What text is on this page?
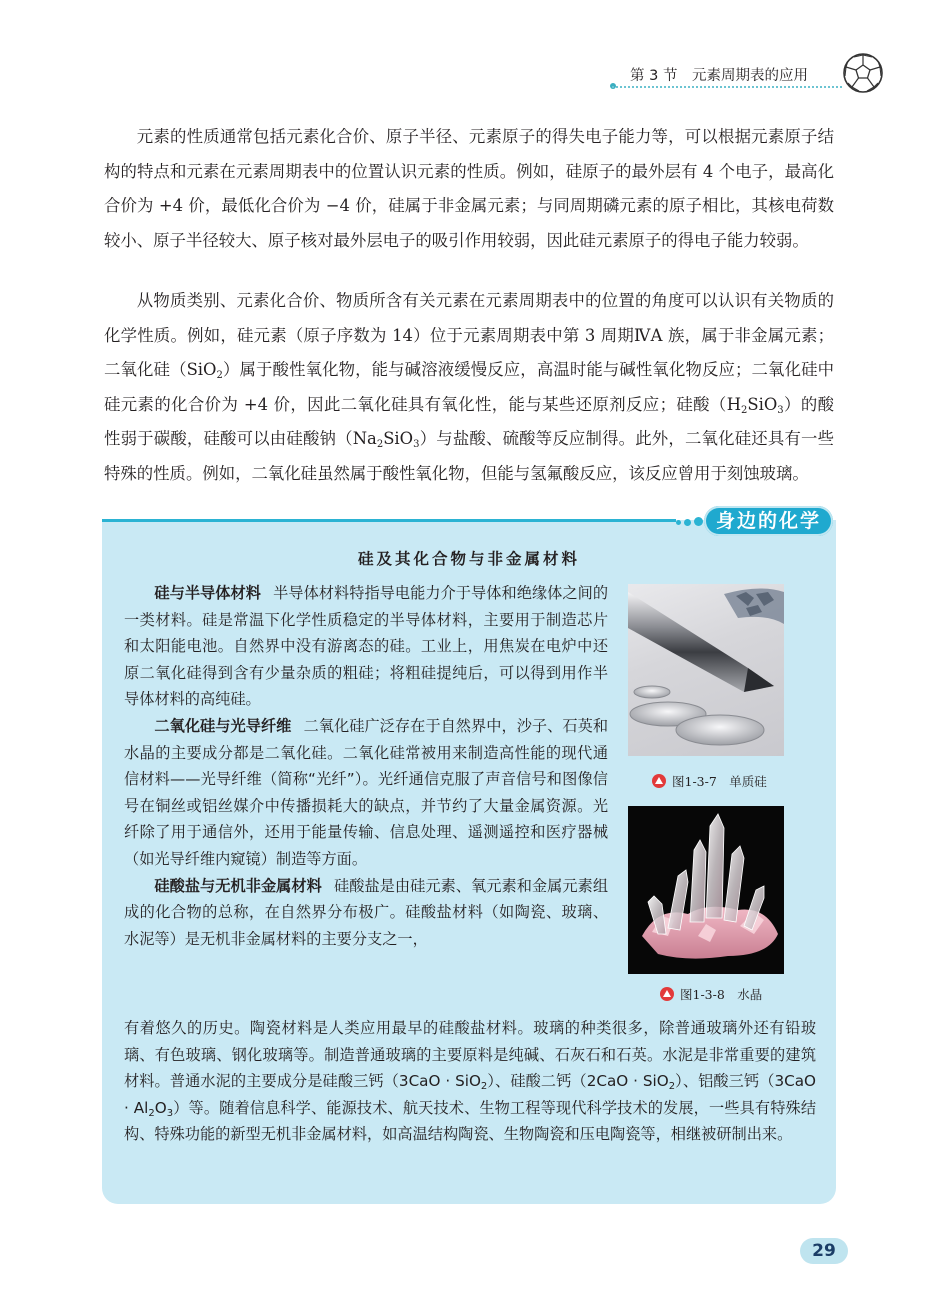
第 3 节　元素周期表的应用

元素的性质通常包括元素化合价、原子半径、元素原子的得失电子能力等，可以根据元素原子结构的特点和元素在元素周期表中的位置认识元素的性质。例如，硅原子的最外层有 4 个电子，最高化合价为 +4 价，最低化合价为 −4 价，硅属于非金属元素；与同周期磷元素的原子相比，其核电荷数较小、原子半径较大、原子核对最外层电子的吸引作用较弱，因此硅元素原子的得电子能力较弱。

从物质类别、元素化合价、物质所含有关元素在元素周期表中的位置的角度可以认识有关物质的化学性质。例如，硅元素（原子序数为 14）位于元素周期表中第 3 周期ⅣA 族，属于非金属元素；二氧化硅（SiO$_2$）属于酸性氧化物，能与碱溶液缓慢反应，高温时能与碱性氧化物反应；二氧化硅中硅元素的化合价为 +4 价，因此二氧化硅具有氧化性，能与某些还原剂反应；硅酸$(H_2SiO_3)$的酸性弱于碳酸，硅酸可以由硅酸钠$(Na_2SiO_3)$与盐酸、硫酸等反应制得。此外，二氧化硅还具有一些特殊的性质。例如，二氧化硅虽然属于酸性氧化物，但能与氢氟酸反应，该反应曾用于刻蚀玻璃。

身边的化学
硅及其化合物与非金属材料

硅与半导体材料 半导体材料特指导电能力介于导体和绝缘体之间的一类材料。硅是常温下化学性质稳定的半导体材料，主要用于制造芯片和太阳能电池。自然界中没有游离态的硅。工业上，用焦炭在电炉中还原二氧化硅得到含有少量杂质的粗硅；将粗硅提纯后，可以得到用作半导体材料的高纯硅。

二氧化硅与光导纤维 二氧化硅广泛存在于自然界中，沙子、石英和水晶的主要成分都是二氧化硅。二氧化硅常被用来制造高性能的现代通信材料——光导纤维（简称“光纤”）。光纤通信克服了声音信号和图像信号在铜丝或铝丝媒介中传播损耗大的缺点，并节约了大量金属资源。光纤除了用于通信外，还用于能量传输、信息处理、遥测遥控和医疗器械（如光导纤维内窥镜）制造等方面。

硅酸盐与无机非金属材料 硅酸盐是由硅元素、氧元素和金属元素组成的化合物的总称，在自然界分布极广。硅酸盐材料（如陶瓷、玻璃、水泥等）是无机非金属材料的主要分支之一，

有着悠久的历史。陶瓷材料是人类应用最早的硅酸盐材料。玻璃的种类很多，除普通玻璃外还有铅玻璃、有色玻璃、钢化玻璃等。制造普通玻璃的主要原料是纯碱、石灰石和石英。水泥是非常重要的建筑材料。普通水泥的主要成分是硅酸三钙（3CaO · SiO$_2$）、硅酸二钙（2CaO · SiO$_2$）、铝酸三钙$(3CaO \cdot Al_2O_3)$等。随着信息科学、能源技术、航天技术、生物工程等现代科学技术的发展，一些具有特殊结构、特殊功能的新型无机非金属材料，如高温结构陶瓷、生物陶瓷和压电陶瓷等，相继被研制出来。
图1-3-7　单质硅
图1-3-8　水晶
29
